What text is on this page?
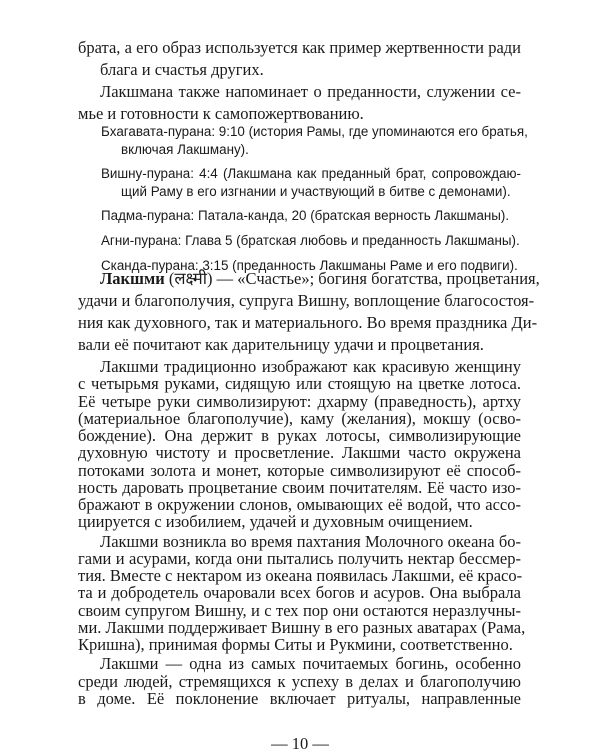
брата, а его образ используется как пример жертвенности ради

блага и счастья других.

Лакшмана также напоминает о преданности, служении се-

мье и готовности к самопожертвованию.

Бхагавата-пурана: 9:10 (история Рамы, где упоминаются его братья,

включая Лакшману).

Вишну-пурана: 4:4 (Лакшмана как преданный брат, сопровождаю-

щий Раму в его изгнании и участвующий в битве с демонами).

Падма-пурана: Патала-канда, 20 (братская верность Лакшманы).

Агни-пурана: Глава 5 (братская любовь и преданность Лакшманы).

Сканда-пурана: 3:15 (преданность Лакшманы Раме и его подвиги).

Лакшми (लक्ष्मी) — «Счастье»; богиня богатства, процветания,

удачи и благополучия, супруга Вишну, воплощение благосостоя-

ния как духовного, так и материального. Во время праздника Ди-

вали её почитают как дарительницу удачи и процветания.

Лакшми традиционно изображают как красивую женщину

с четырьмя руками, сидящую или стоящую на цветке лотоса.

Её четыре руки символизируют: дхарму (праведность), артху

(материальное благополучие), каму (желания), мокшу (осво-

бождение). Она держит в руках лотосы, символизирующие

духовную чистоту и просветление. Лакшми часто окружена

потоками золота и монет, которые символизируют её способ-

ность даровать процветание своим почитателям. Её часто изо-

бражают в окружении слонов, омывающих её водой, что ассо-

циируется с изобилием, удачей и духовным очищением.

Лакшми возникла во время пахтания Молочного океана бо-

гами и асурами, когда они пытались получить нектар бессмер-

тия. Вместе с нектаром из океана появилась Лакшми, её красо-

та и добродетель очаровали всех богов и асуров. Она выбрала

своим супругом Вишну, и с тех пор они остаются неразлучны-

ми. Лакшми поддерживает Вишну в его разных аватарах (Рама,

Кришна), принимая формы Ситы и Рукмини, соответственно.

— 10 —

Лакшми — одна из самых почитаемых богинь, особенно

среди людей, стремящихся к успеху в делах и благополучию

в доме. Её поклонение включает ритуалы, направленные
